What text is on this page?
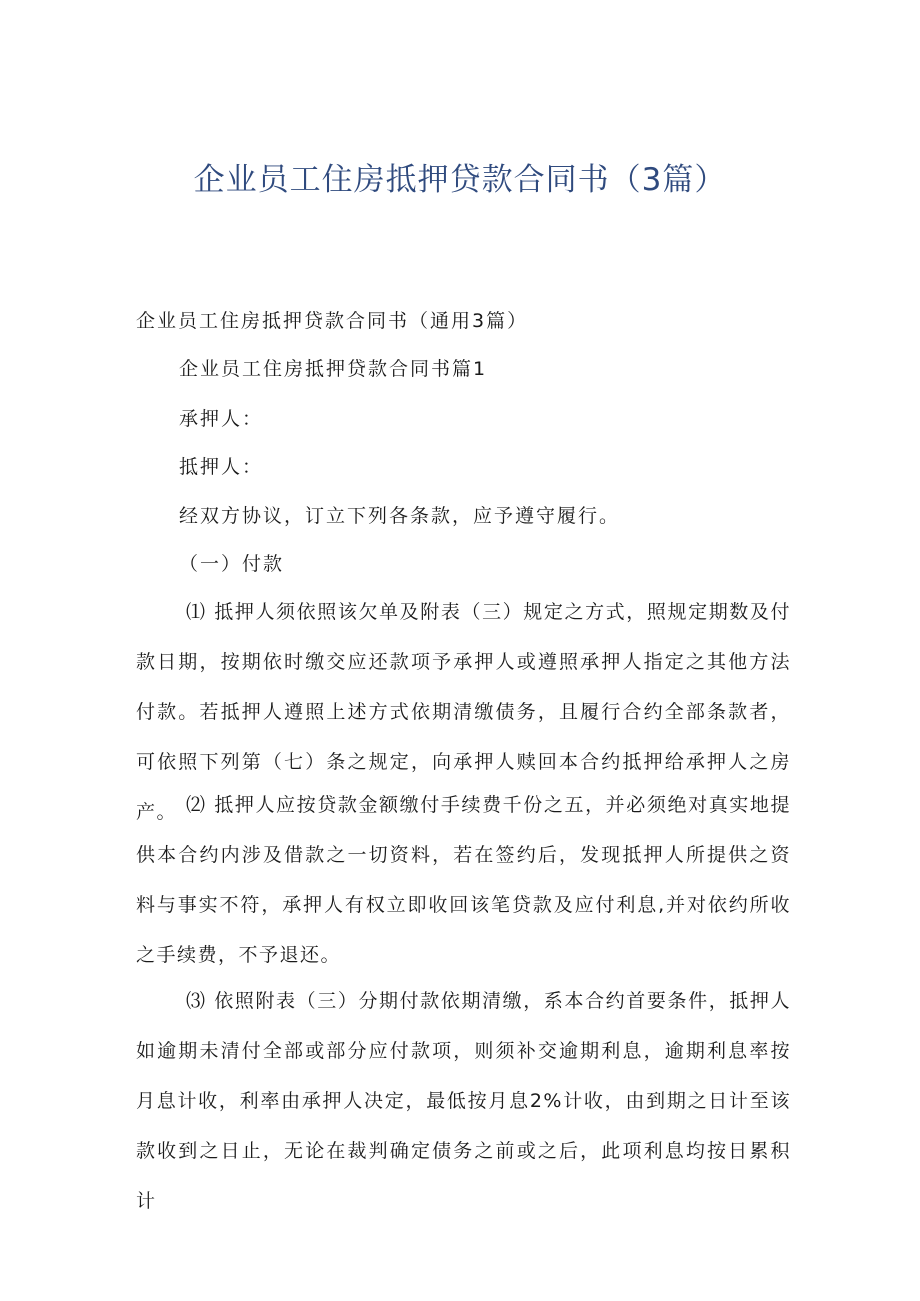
企业员工住房抵押贷款合同书（3篇）

企业员工住房抵押贷款合同书（通用3篇）

企业员工住房抵押贷款合同书篇1

承押人：

抵押人：

经双方协议，订立下列各条款，应予遵守履行。

（一）付款

⑴ 抵押人须依照该欠单及附表（三）规定之方式，照规定期数及付款日期，按期依时缴交应还款项予承押人或遵照承押人指定之其他方法付款。若抵押人遵照上述方式依期清缴债务，且履行合约全部条款者，可依照下列第（七）条之规定，向承押人赎回本合约抵押给承押人之房产。 ⑵ 抵押人应按贷款金额缴付手续费千份之五，并必须绝对真实地提供本合约内涉及借款之一切资料，若在签约后，发现抵押人所提供之资料与事实不符，承押人有权立即收回该笔贷款及应付利息,并对依约所收之手续费，不予退还。

⑶ 依照附表（三）分期付款依期清缴，系本合约首要条件，抵押人如逾期未清付全部或部分应付款项，则须补交逾期利息，逾期利息率按月息计收，利率由承押人决定，最低按月息2%计收，由到期之日计至该款收到之日止，无论在裁判确定债务之前或之后，此项利息均按日累积计
